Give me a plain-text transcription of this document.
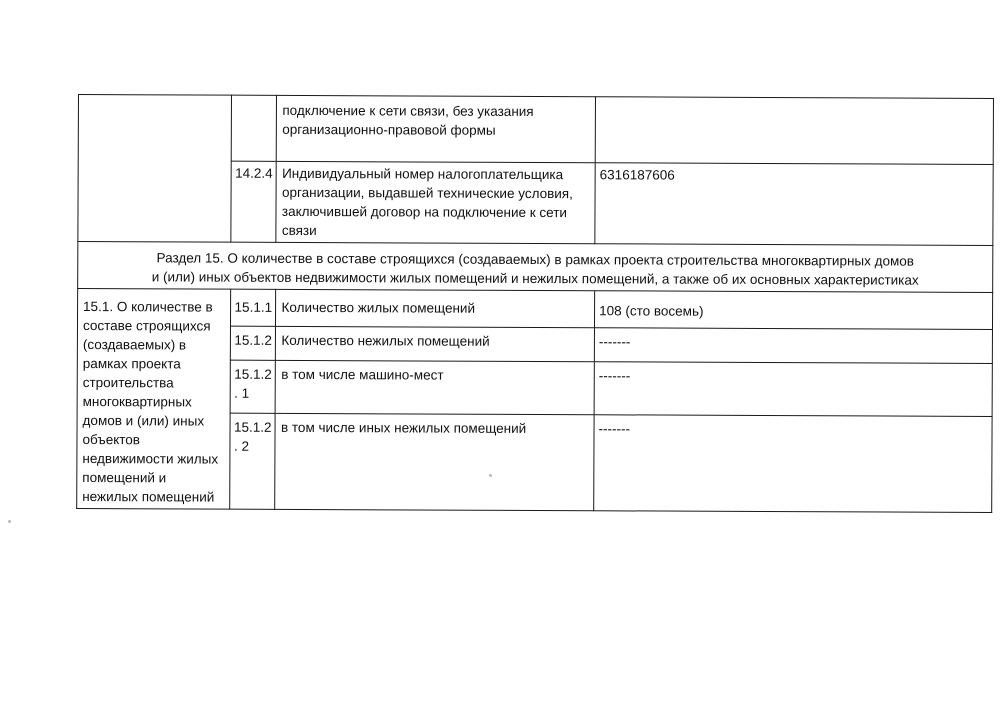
		подключение к сети связи, без указания организационно-правовой формы	
	14.2.4	Индивидуальный номер налогоплательщика организации, выдавшей технические условия, заключившей договор на подключение к сети связи	6316187606

Раздел 15. О количестве в составе строящихся (создаваемых) в рамках проекта строительства многоквартирных домов
и (или) иных объектов недвижимости жилых помещений и нежилых помещений, а также об их основных характеристиках			

15.1. О количестве в составе строящихся (создаваемых) в рамках проекта строительства многоквартирных домов и (или) иных объектов недвижимости жилых помещений и нежилых помещений	15.1.1	Количество жилых помещений	108 (сто восемь)
	15.1.2	Количество нежилых помещений	-------
	15.1.2. 1	в том числе машино-мест	-------
	15.1.2. 2	в том числе иных нежилых помещений	-------
